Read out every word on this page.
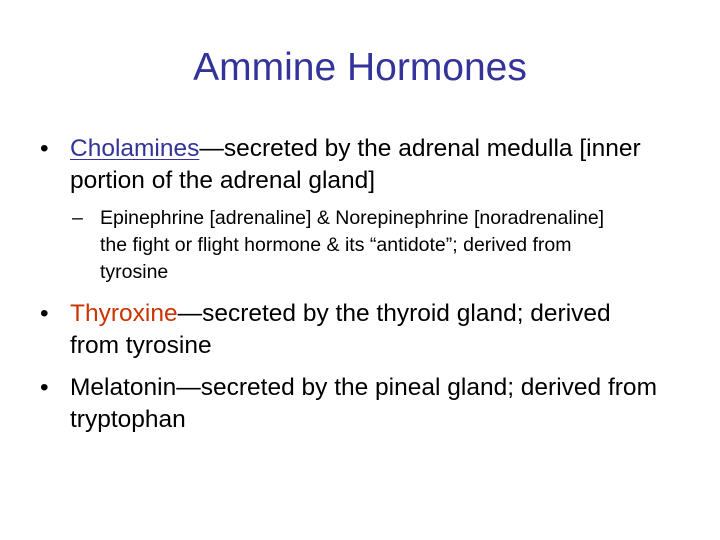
Ammine Hormones
• Cholamines—secreted by the adrenal medulla [inner portion of the adrenal gland]
– Epinephrine [adrenaline] & Norepinephrine [noradrenaline] the fight or flight hormone & its “antidote”; derived from tyrosine
• Thyroxine—secreted by the thyroid gland; derived from tyrosine
• Melatonin—secreted by the pineal gland; derived from tryptophan
